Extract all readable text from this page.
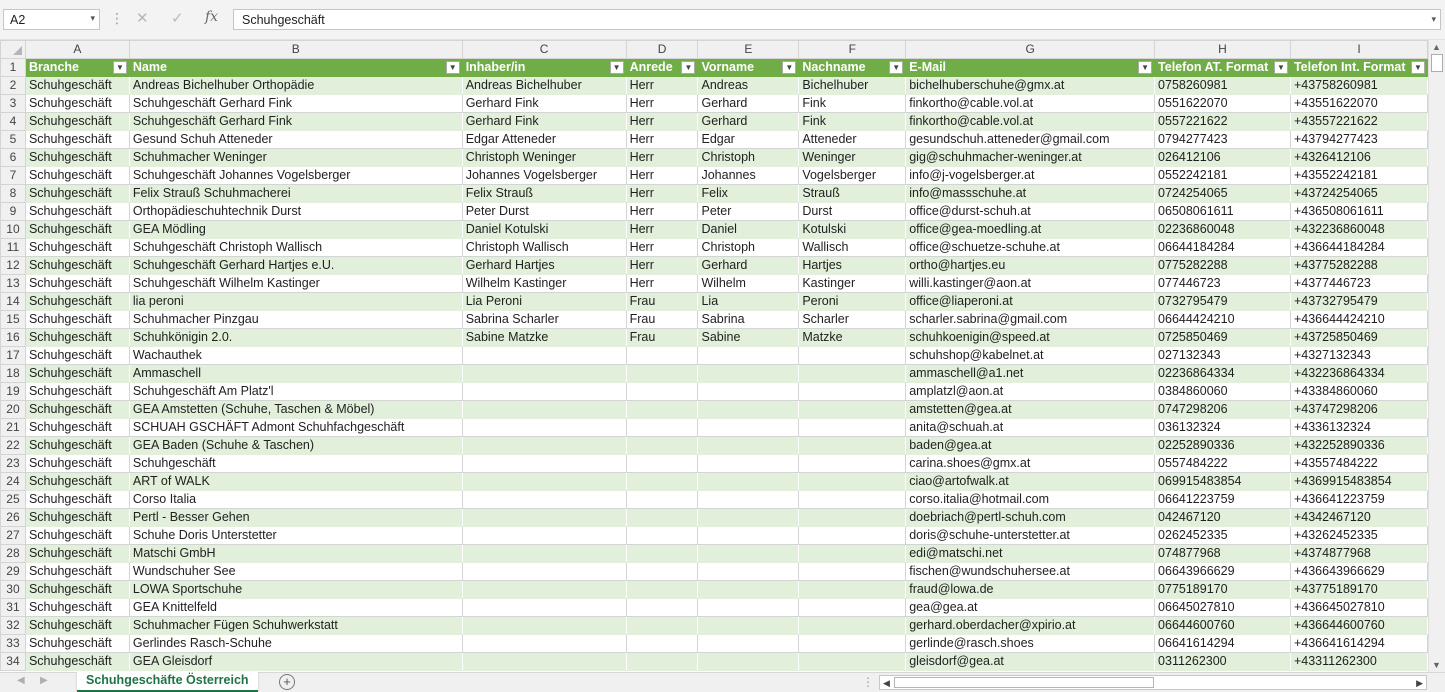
A2	▾ ⋮ ✕ ✓ fx Schuhgeschäft	▾
	A	B	C	D	E	F	G	H	I
1	Branche ▼	Name ▼	Inhaber/in ▼	Anrede ▼	Vorname ▼	Nachname ▼	E-Mail ▼	Telefon AT. Format ▼	Telefon Int. Format ▼

2	Schuhgeschäft	Andreas Bichelhuber Orthopädie	Andreas Bichelhuber	Herr	Andreas	Bichelhuber	bichelhuberschuhe@gmx.at	0758260981	+43758260981
3	Schuhgeschäft	Schuhgeschäft Gerhard Fink	Gerhard Fink	Herr	Gerhard	Fink	finkortho@cable.vol.at	0551622070	+43551622070
4	Schuhgeschäft	Schuhgeschäft Gerhard Fink	Gerhard Fink	Herr	Gerhard	Fink	finkortho@cable.vol.at	0557221622	+43557221622
5	Schuhgeschäft	Gesund Schuh Atteneder	Edgar Atteneder	Herr	Edgar	Atteneder	gesundschuh.atteneder@gmail.com	0794277423	+43794277423
6	Schuhgeschäft	Schuhmacher Weninger	Christoph Weninger	Herr	Christoph	Weninger	gig@schuhmacher-weninger.at	026412106	+4326412106
7	Schuhgeschäft	Schuhgeschäft Johannes Vogelsberger	Johannes Vogelsberger	Herr	Johannes	Vogelsberger	info@j-vogelsberger.at	0552242181	+43552242181
8	Schuhgeschäft	Felix Strauß Schuhmacherei	Felix Strauß	Herr	Felix	Strauß	info@massschuhe.at	0724254065	+43724254065
9	Schuhgeschäft	Orthopädieschuhtechnik Durst	Peter Durst	Herr	Peter	Durst	office@durst-schuh.at	06508061611	+436508061611
10	Schuhgeschäft	GEA Mödling	Daniel Kotulski	Herr	Daniel	Kotulski	office@gea-moedling.at	02236860048	+432236860048
11	Schuhgeschäft	Schuhgeschäft Christoph Wallisch	Christoph Wallisch	Herr	Christoph	Wallisch	office@schuetze-schuhe.at	06644184284	+436644184284
12	Schuhgeschäft	Schuhgeschäft Gerhard Hartjes e.U.	Gerhard Hartjes	Herr	Gerhard	Hartjes	ortho@hartjes.eu	0775282288	+43775282288
13	Schuhgeschäft	Schuhgeschäft Wilhelm Kastinger	Wilhelm Kastinger	Herr	Wilhelm	Kastinger	willi.kastinger@aon.at	077446723	+4377446723
14	Schuhgeschäft	lia peroni	Lia Peroni	Frau	Lia	Peroni	office@liaperoni.at	0732795479	+43732795479
15	Schuhgeschäft	Schuhmacher Pinzgau	Sabrina Scharler	Frau	Sabrina	Scharler	scharler.sabrina@gmail.com	06644424210	+436644424210
16	Schuhgeschäft	Schuhkönigin 2.0.	Sabine Matzke	Frau	Sabine	Matzke	schuhkoenigin@speed.at	0725850469	+43725850469
17	Schuhgeschäft	Wachauthek					schuhshop@kabelnet.at	027132343	+4327132343
18	Schuhgeschäft	Ammaschell					ammaschell@a1.net	02236864334	+432236864334
19	Schuhgeschäft	Schuhgeschäft Am Platz'l					amplatzl@aon.at	0384860060	+43384860060
20	Schuhgeschäft	GEA Amstetten (Schuhe, Taschen & Möbel)					amstetten@gea.at	0747298206	+43747298206
21	Schuhgeschäft	SCHUAH GSCHÄFT Admont Schuhfachgeschäft					anita@schuah.at	036132324	+4336132324
22	Schuhgeschäft	GEA Baden (Schuhe & Taschen)					baden@gea.at	02252890336	+432252890336
23	Schuhgeschäft	Schuhgeschäft					carina.shoes@gmx.at	0557484222	+43557484222
24	Schuhgeschäft	ART of WALK					ciao@artofwalk.at	069915483854	+4369915483854
25	Schuhgeschäft	Corso Italia					corso.italia@hotmail.com	06641223759	+436641223759
26	Schuhgeschäft	Pertl - Besser Gehen					doebriach@pertl-schuh.com	042467120	+4342467120
27	Schuhgeschäft	Schuhe Doris Unterstetter					doris@schuhe-unterstetter.at	0262452335	+43262452335
28	Schuhgeschäft	Matschi GmbH					edi@matschi.net	074877968	+4374877968
29	Schuhgeschäft	Wundschuher See					fischen@wundschuhersee.at	06643966629	+436643966629
30	Schuhgeschäft	LOWA Sportschuhe					fraud@lowa.de	0775189170	+43775189170
31	Schuhgeschäft	GEA Knittelfeld					gea@gea.at	06645027810	+436645027810
32	Schuhgeschäft	Schuhmacher Fügen Schuhwerkstatt					gerhard.oberdacher@xpirio.at	06644600760	+436644600760
33	Schuhgeschäft	Gerlindes Rasch-Schuhe					gerlinde@rasch.shoes	06641614294	+436641614294
34	Schuhgeschäft	GEA Gleisdorf					gleisdorf@gea.at	0311262300	+43311262300
▲
▼
◀ ▶	Schuhgeschäfte Österreich	+	⋮ ◀	▶
